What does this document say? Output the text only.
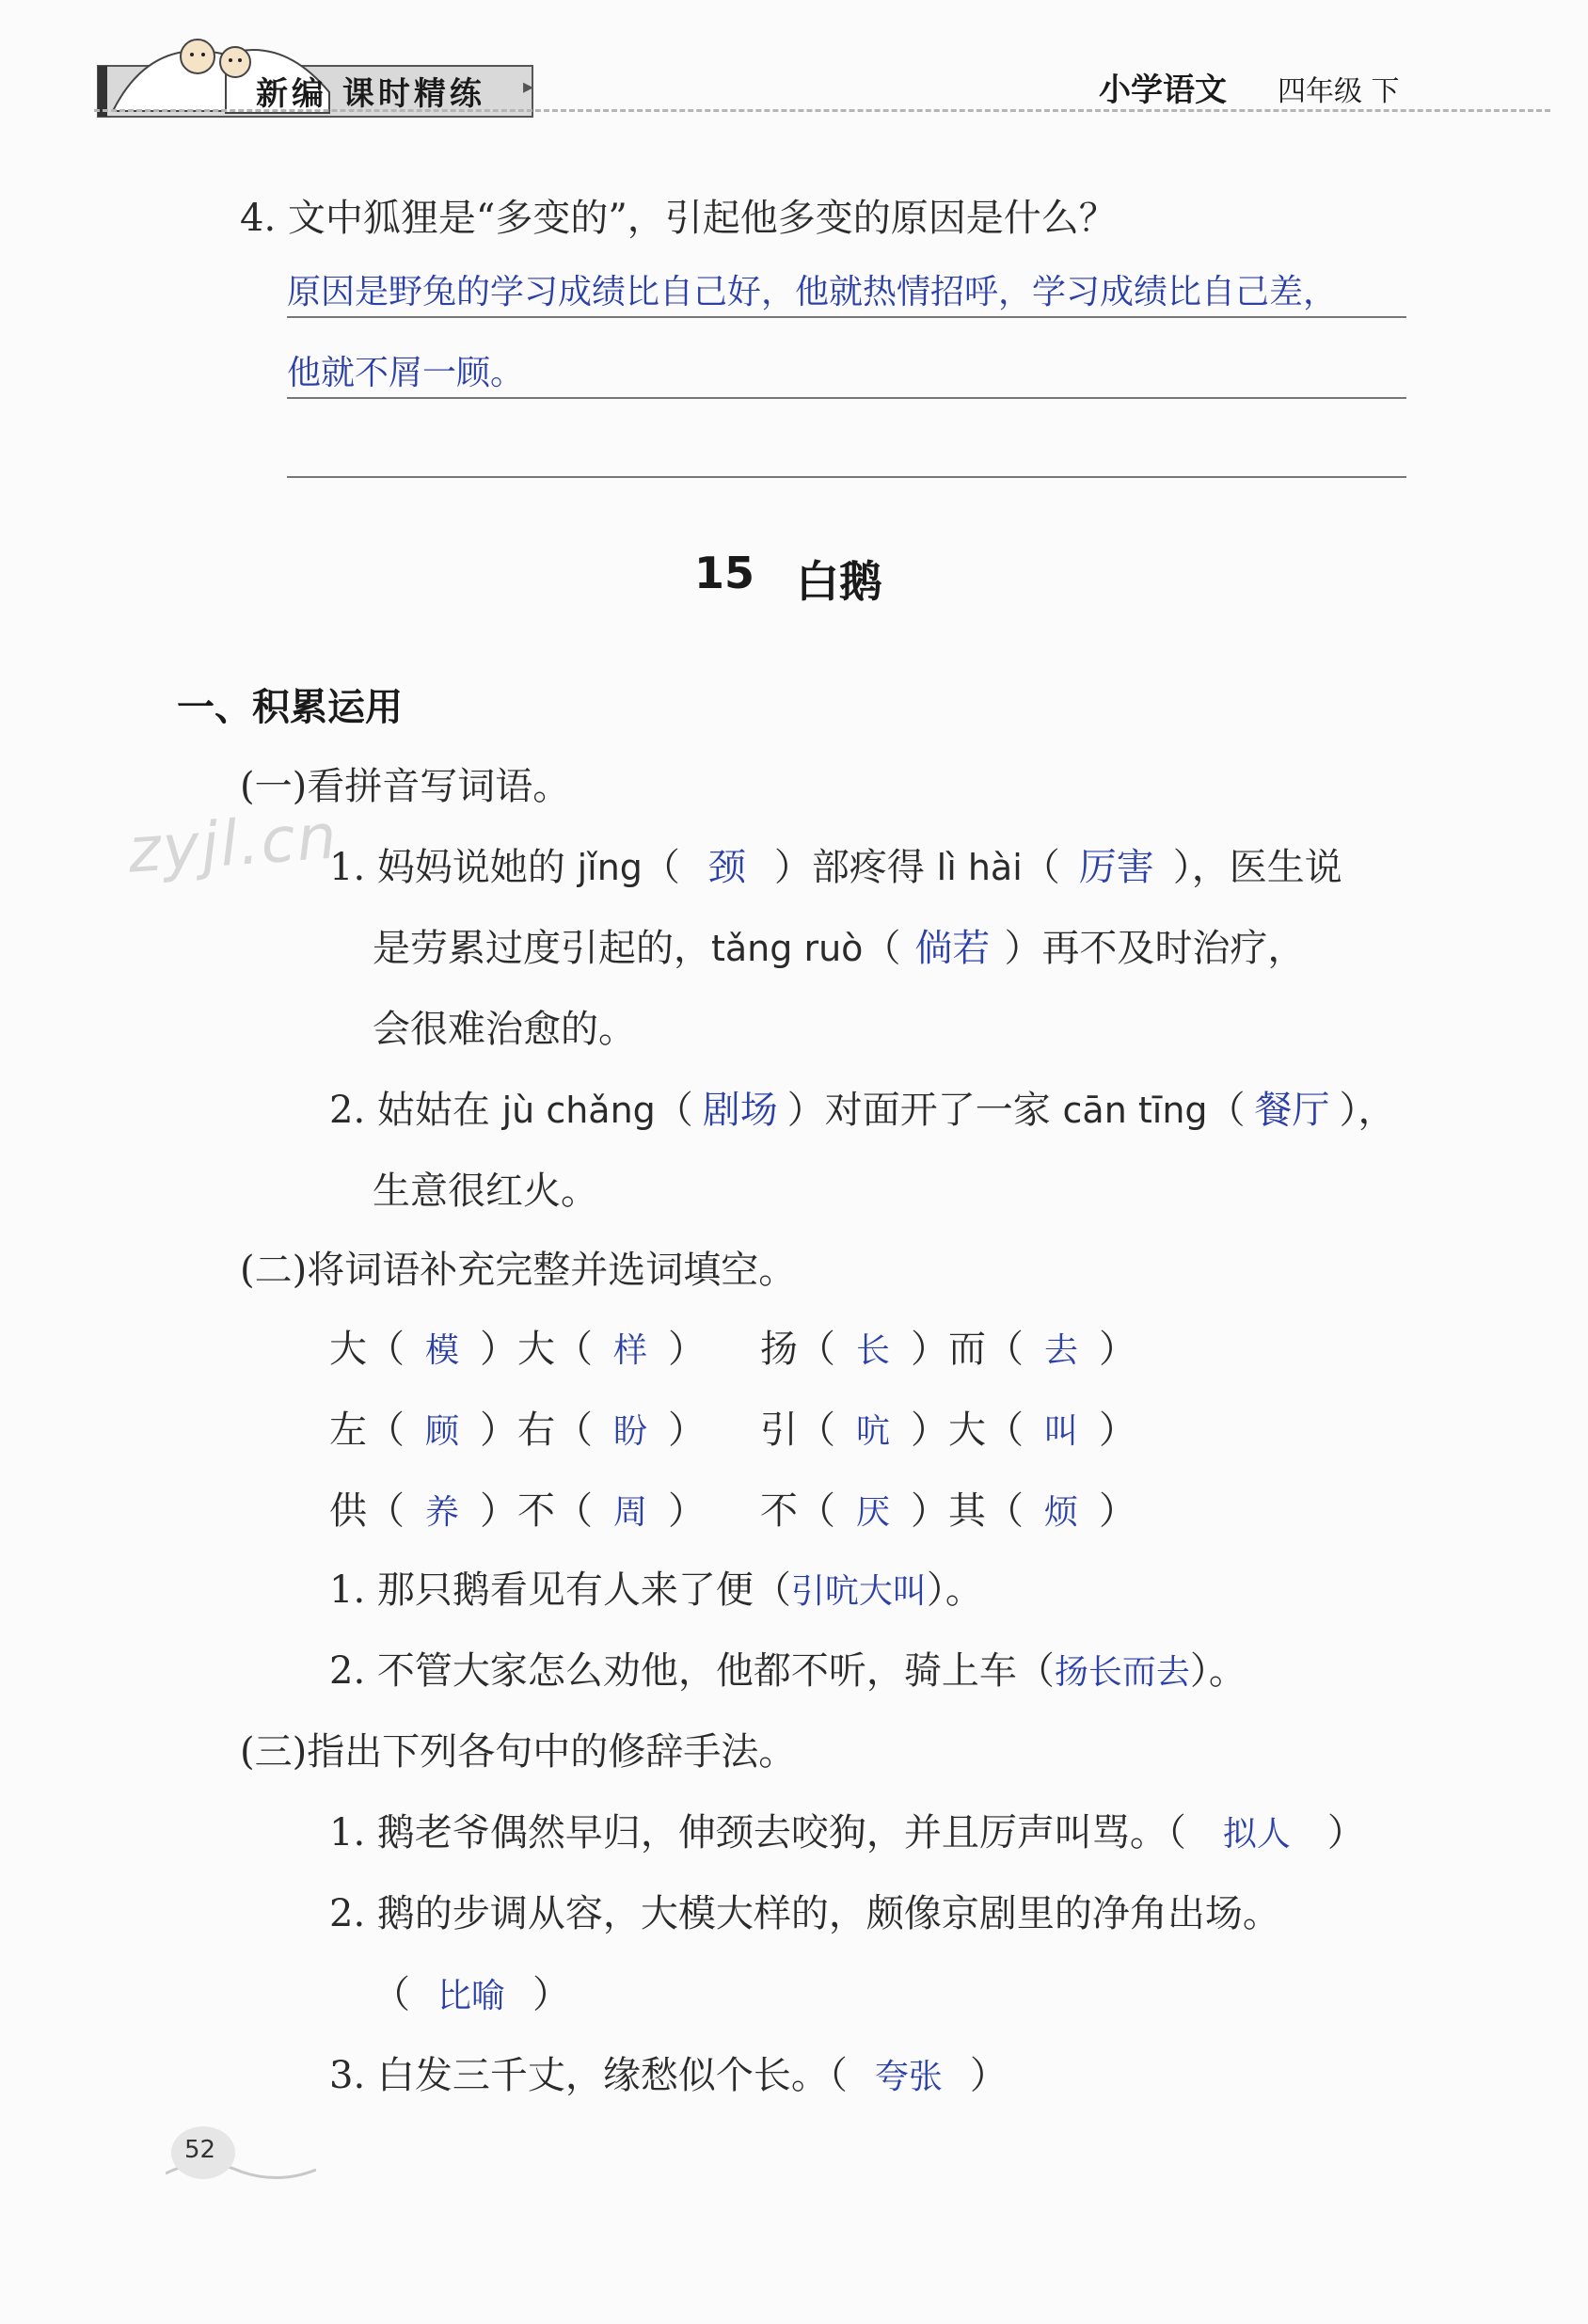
新编 课时精练 ▸	小学语文 四年级 下
4. 文中狐狸是“多变的”，引起他多变的原因是什么？
原因是野兔的学习成绩比自己好，他就热情招呼，学习成绩比自己差，
他就不屑一顾。
15 白鹅
一、积累运用
zyjl.cn
(一)看拼音写词语。
1. 妈妈说她的 jǐng（ 颈 ）部疼得 lì hài（ 厉害 ），医生说
是劳累过度引起的，tǎng ruò（ 倘若 ）再不及时治疗，
会很难治愈的。
2. 姑姑在 jù chǎng（ 剧场 ）对面开了一家 cān tīng（ 餐厅 ），
生意很红火。
(二)将词语补充完整并选词填空。
大（ 模 ）大（ 样 ） 扬（ 长 ）而（ 去 ）
左（ 顾 ）右（ 盼 ） 引（ 吭 ）大（ 叫 ）
供（ 养 ）不（ 周 ） 不（ 厌 ）其（ 烦 ）
1. 那只鹅看见有人来了便（引吭大叫）。
2. 不管大家怎么劝他，他都不听，骑上车（扬长而去）。
(三)指出下列各句中的修辞手法。
1. 鹅老爷偶然早归，伸颈去咬狗，并且厉声叫骂。（ 拟人 ）
2. 鹅的步调从容，大模大样的，颇像京剧里的净角出场。
（ 比喻 ）
3. 白发三千丈，缘愁似个长。（ 夸张 ）
52
